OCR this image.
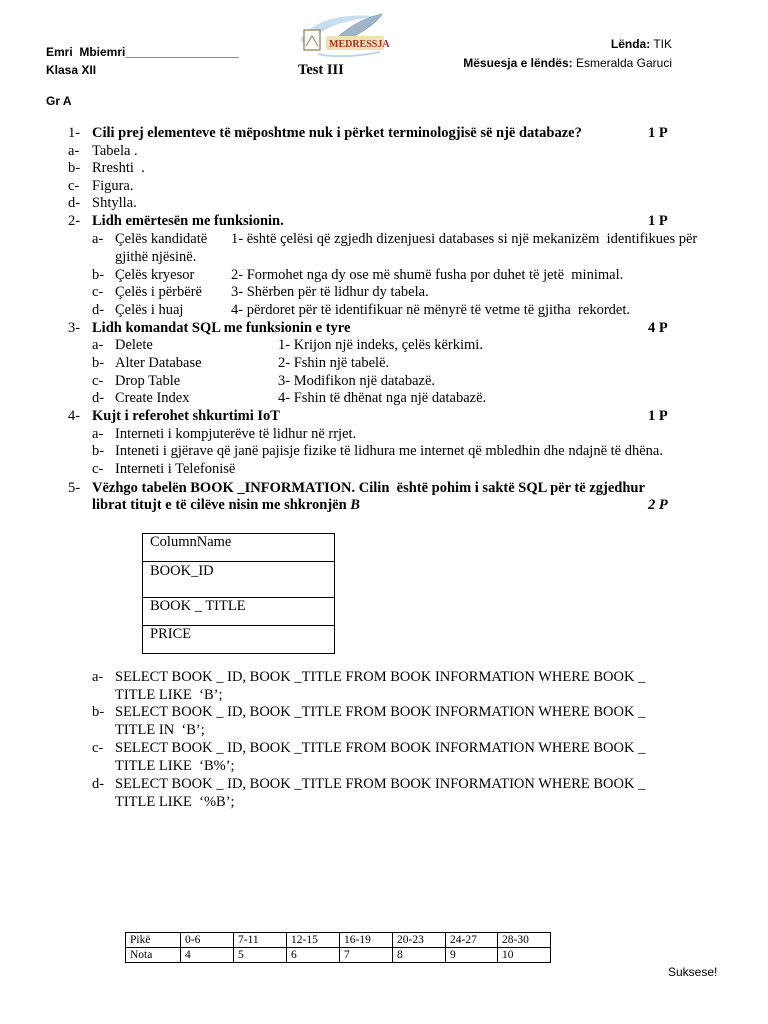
Emri  Mbiemri_________________
Klasa XII
MEDRESSJA
Test III
Lënda: TIK
Mësuesja e lëndës: Esmeralda Garuci
Gr A
1- Cili prej elementeve të mëposhtme nuk i përket terminologjisë së një databaze?	1 P
a- Tabela .
b- Rreshti  .
c- Figura.
d- Shtylla.
2- Lidh emërtesën me funksionin.	1 P
a- Çelës kandidatë 1- është çelësi që zgjedh dizenjuesi databases si një mekanizëm  identifikues për
gjithë njësinë.
b- Çelës kryesor	2- Formohet nga dy ose më shumë fusha por duhet të jetë  minimal.
c- Çelës i përbërë 3- Shërben për të lidhur dy tabela.
d- Çelës i huaj	4- përdoret për të identifikuar në mënyrë të vetme të gjitha  rekordet.
3- Lidh komandat SQL me funksionin e tyre	4 P
a- Delete	1- Krijon një indeks, çelës kërkimi.
b- Alter Database	2- Fshin një tabelë.
c- Drop Table	3- Modifikon një databazë.
d- Create Index	4- Fshin të dhënat nga një databazë.
4- Kujt i referohet shkurtimi IoT	1 P
a- Interneti i kompjuterëve të lidhur në rrjet.
b- Inteneti i gjërave që janë pajisje fizike të lidhura me internet që mbledhin dhe ndajnë të dhëna.
c- Interneti i Telefonisë
5- Vëzhgo tabelën BOOK _INFORMATION. Cilin  është pohim i saktë SQL për të zgjedhur
librat titujt e të cilëve nisin me shkronjën B	2 P
ColumnName
BOOK_ID
BOOK _ TITLE
PRICE
a- SELECT BOOK _ ID, BOOK _TITLE FROM BOOK INFORMATION WHERE BOOK _
TITLE LIKE  ‘B’;
b- SELECT BOOK _ ID, BOOK _TITLE FROM BOOK INFORMATION WHERE BOOK _
TITLE IN  ‘B’;
c- SELECT BOOK _ ID, BOOK _TITLE FROM BOOK INFORMATION WHERE BOOK _
TITLE LIKE  ‘B%’;
d- SELECT BOOK _ ID, BOOK _TITLE FROM BOOK INFORMATION WHERE BOOK _
TITLE LIKE  ‘%B’;
Pikë	0-6	7-11	12-15	16-19	20-23	24-27	28-30
Nota	4	5	6	7	8	9	10
Suksese!
